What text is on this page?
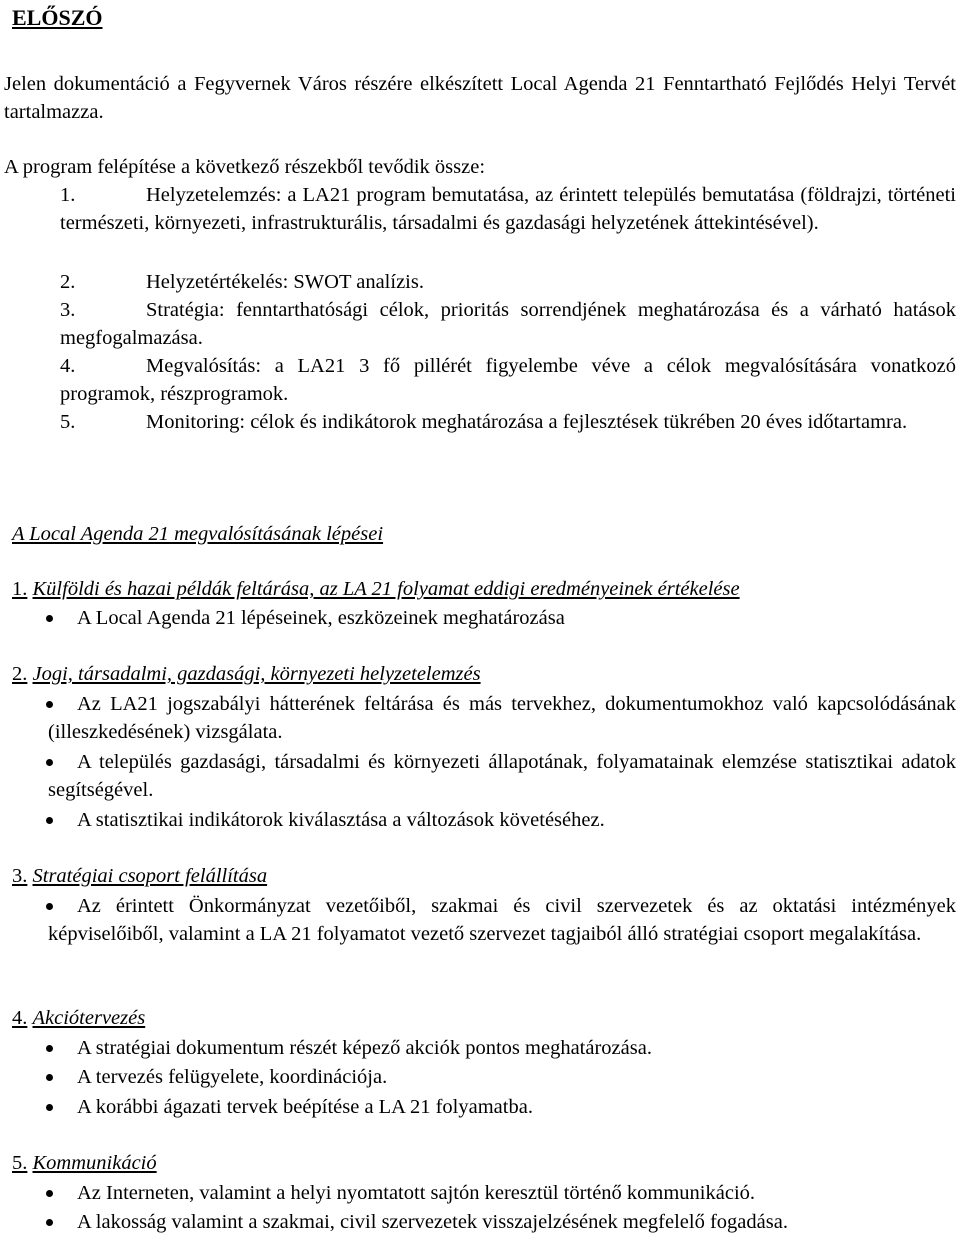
ELŐSZÓ

Jelen dokumentáció a Fegyvernek Város részére elkészített Local Agenda 21 Fenntartható Fejlődés Helyi Tervét tartalmazza.

A program felépítése a következő részekből tevődik össze:

1.	Helyzetelemzés: a LA21 program bemutatása, az érintett település bemutatása (földrajzi, történeti természeti, környezeti, infrastrukturális, társadalmi és gazdasági helyzetének áttekintésével).

2.	Helyzetértékelés: SWOT analízis.

3.	Stratégia: fenntarthatósági célok, prioritás sorrendjének meghatározása és a várható hatások megfogalmazása.

4.	Megvalósítás: a LA21 3 fő pillérét figyelembe véve a célok megvalósítására vonatkozó programok, részprogramok.

5.	Monitoring: célok és indikátorok meghatározása a fejlesztések tükrében 20 éves időtartamra.

A Local Agenda 21 megvalósításának lépései

1. Külföldi és hazai példák feltárása, az LA 21 folyamat eddigi eredményeinek értékelése

A Local Agenda 21 lépéseinek, eszközeinek meghatározása

2. Jogi, társadalmi, gazdasági, környezeti helyzetelemzés

Az LA21 jogszabályi hátterének feltárása és más tervekhez, dokumentumokhoz való kapcsolódásának (illeszkedésének) vizsgálata.

A település gazdasági, társadalmi és környezeti állapotának, folyamatainak elemzése statisztikai adatok segítségével.

A statisztikai indikátorok kiválasztása a változások követéséhez.

3. Stratégiai csoport felállítása

Az érintett Önkormányzat vezetőiből, szakmai és civil szervezetek és az oktatási intézmények képviselőiből, valamint a LA 21 folyamatot vezető szervezet tagjaiból álló stratégiai csoport megalakítása.

4. Akciótervezés

A stratégiai dokumentum részét képező akciók pontos meghatározása.

A tervezés felügyelete, koordinációja.

A korábbi ágazati tervek beépítése a LA 21 folyamatba.

5. Kommunikáció

Az Interneten, valamint a helyi nyomtatott sajtón keresztül történő kommunikáció.

A lakosság valamint a szakmai, civil szervezetek visszajelzésének megfelelő fogadása.
